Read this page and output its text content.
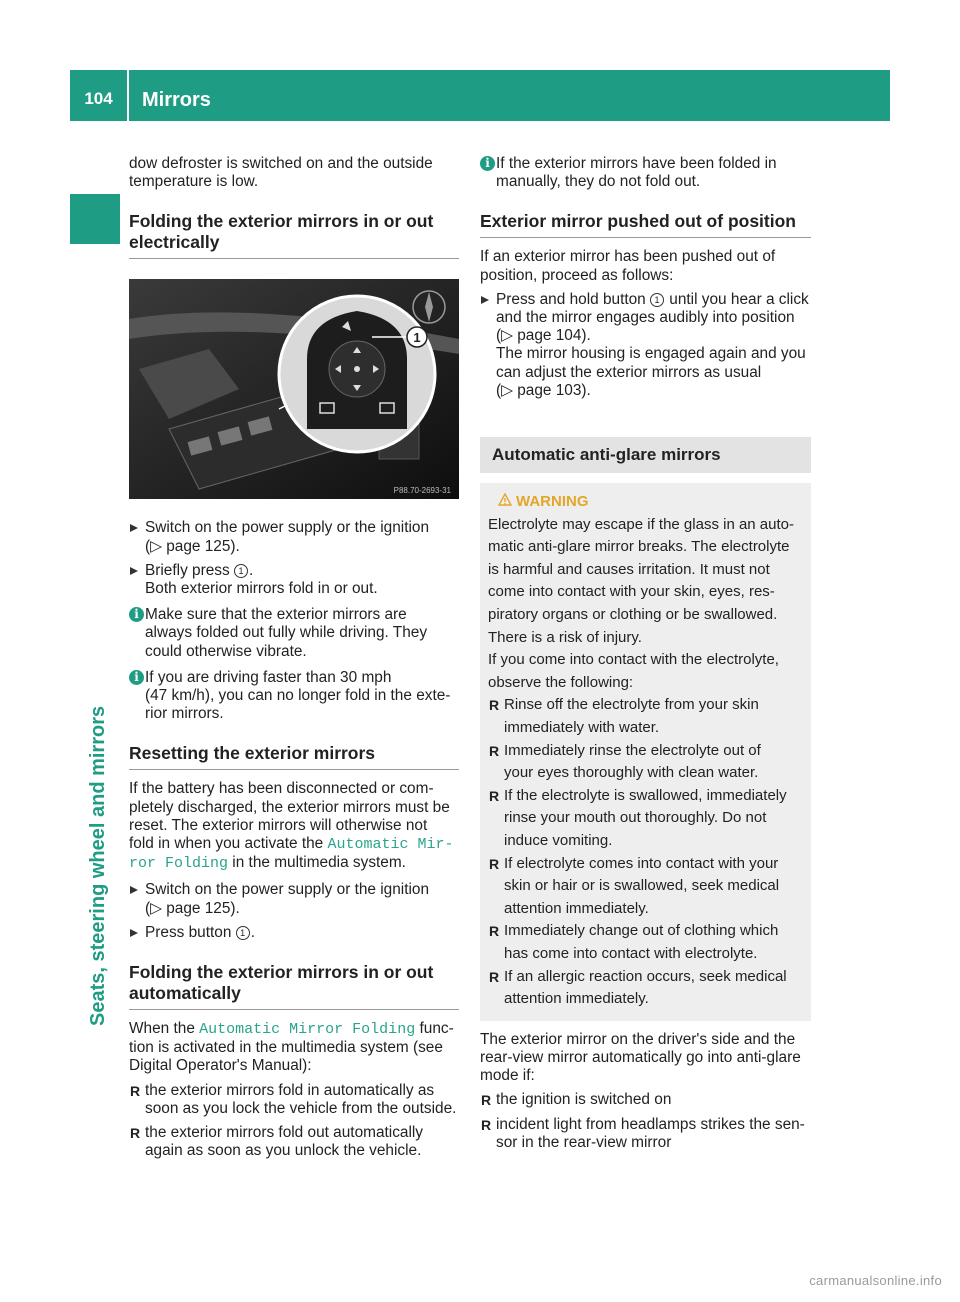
104	Mirrors
Seats, steering wheel and mirrors

dow defroster is switched on and the outside
temperature is low.

Folding the exterior mirrors in or out
electrically
1
P88.70-2693-31
Switch on the power supply or the ignition
(▷ page 125).
Briefly press 1 .
Both exterior mirrors fold in or out.
i Make sure that the exterior mirrors are
always folded out fully while driving. They
could otherwise vibrate.
i If you are driving faster than 30 mph
(47 km/h), you can no longer fold in the exte-
rior mirrors.
Resetting the exterior mirrors

If the battery has been disconnected or com-
pletely discharged, the exterior mirrors must be
reset. The exterior mirrors will otherwise not
fold in when you activate the Automatic Mir‑
ror Folding in the multimedia system.

Switch on the power supply or the ignition
(▷ page 125).
Press button 1 .
Folding the exterior mirrors in or out
automatically

When the Automatic Mirror Folding func-
tion is activated in the multimedia system (see
Digital Operator's Manual):

R the exterior mirrors fold in automatically as
soon as you lock the vehicle from the outside.
R the exterior mirrors fold out automatically
again as soon as you unlock the vehicle.
i If the exterior mirrors have been folded in
manually, they do not fold out.
Exterior mirror pushed out of position

If an exterior mirror has been pushed out of
position, proceed as follows:

Press and hold button 1 until you hear a click
and the mirror engages audibly into position
(▷ page 104).
The mirror housing is engaged again and you
can adjust the exterior mirrors as usual
(▷ page 103).
Automatic anti-glare mirrors
WARNING

Electrolyte may escape if the glass in an auto-
matic anti-glare mirror breaks. The electrolyte
is harmful and causes irritation. It must not
come into contact with your skin, eyes, res-
piratory organs or clothing or be swallowed.
There is a risk of injury.

If you come into contact with the electrolyte,
observe the following:

R Rinse off the electrolyte from your skin
immediately with water.
R Immediately rinse the electrolyte out of
your eyes thoroughly with clean water.
R If the electrolyte is swallowed, immediately
rinse your mouth out thoroughly. Do not
induce vomiting.
R If electrolyte comes into contact with your
skin or hair or is swallowed, seek medical
attention immediately.
R Immediately change out of clothing which
has come into contact with electrolyte.
R If an allergic reaction occurs, seek medical
attention immediately.

The exterior mirror on the driver's side and the
rear-view mirror automatically go into anti-glare
mode if:

R the ignition is switched on
R incident light from headlamps strikes the sen-
sor in the rear-view mirror
carmanualsonline.info
